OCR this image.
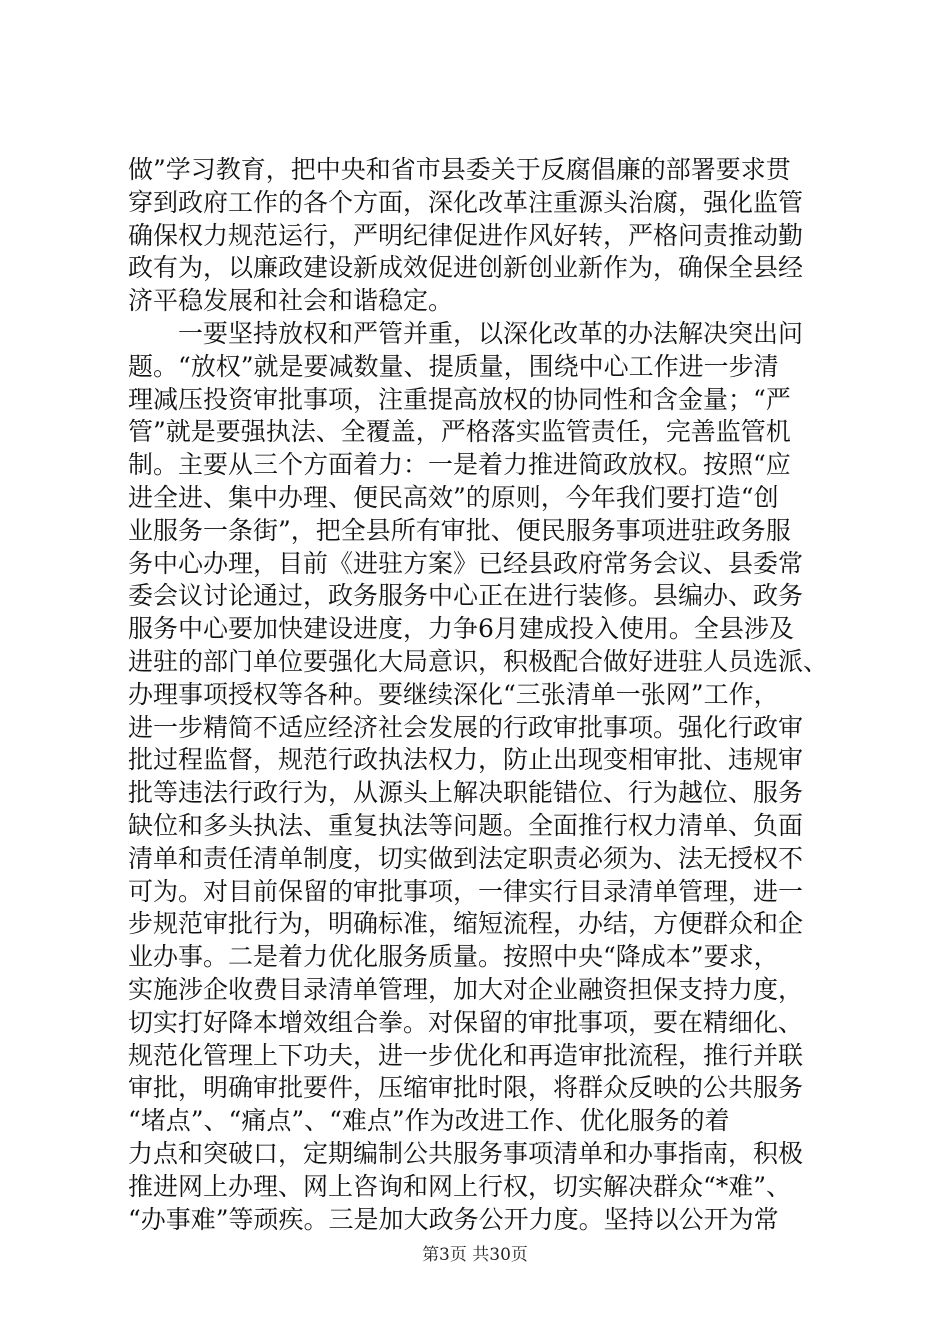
做”学习教育，把中央和省市县委关于反腐倡廉的部署要求贯
穿到政府工作的各个方面，深化改革注重源头治腐，强化监管
确保权力规范运行，严明纪律促进作风好转，严格问责推动勤
政有为，以廉政建设新成效促进创新创业新作为，确保全县经
济平稳发展和社会和谐稳定。
一要坚持放权和严管并重，以深化改革的办法解决突出问
题。“放权”就是要减数量、提质量，围绕中心工作进一步清
理减压投资审批事项，注重提高放权的协同性和含金量；“严
管”就是要强执法、全覆盖，严格落实监管责任，完善监管机
制。主要从三个方面着力：一是着力推进简政放权。按照“应
进全进、集中办理、便民高效”的原则，今年我们要打造“创
业服务一条街”，把全县所有审批、便民服务事项进驻政务服
务中心办理，目前《进驻方案》已经县政府常务会议、县委常
委会议讨论通过，政务服务中心正在进行装修。县编办、政务
服务中心要加快建设进度，力争6月建成投入使用。全县涉及
进驻的部门单位要强化大局意识，积极配合做好进驻人员选派、
办理事项授权等各种。要继续深化“三张清单一张网”工作，
进一步精简不适应经济社会发展的行政审批事项。强化行政审
批过程监督，规范行政执法权力，防止出现变相审批、违规审
批等违法行政行为，从源头上解决职能错位、行为越位、服务
缺位和多头执法、重复执法等问题。全面推行权力清单、负面
清单和责任清单制度，切实做到法定职责必须为、法无授权不
可为。对目前保留的审批事项，一律实行目录清单管理，进一
步规范审批行为，明确标准，缩短流程，办结，方便群众和企
业办事。二是着力优化服务质量。按照中央“降成本”要求，
实施涉企收费目录清单管理，加大对企业融资担保支持力度，
切实打好降本增效组合拳。对保留的审批事项，要在精细化、
规范化管理上下功夫，进一步优化和再造审批流程，推行并联
审批，明确审批要件，压缩审批时限，将群众反映的公共服务
“堵点”、“痛点”、“难点”作为改进工作、优化服务的着
力点和突破口，定期编制公共服务事项清单和办事指南，积极
推进网上办理、网上咨询和网上行权，切实解决群众“*难”、
“办事难”等顽疾。三是加大政务公开力度。坚持以公开为常
第3页 共30页
